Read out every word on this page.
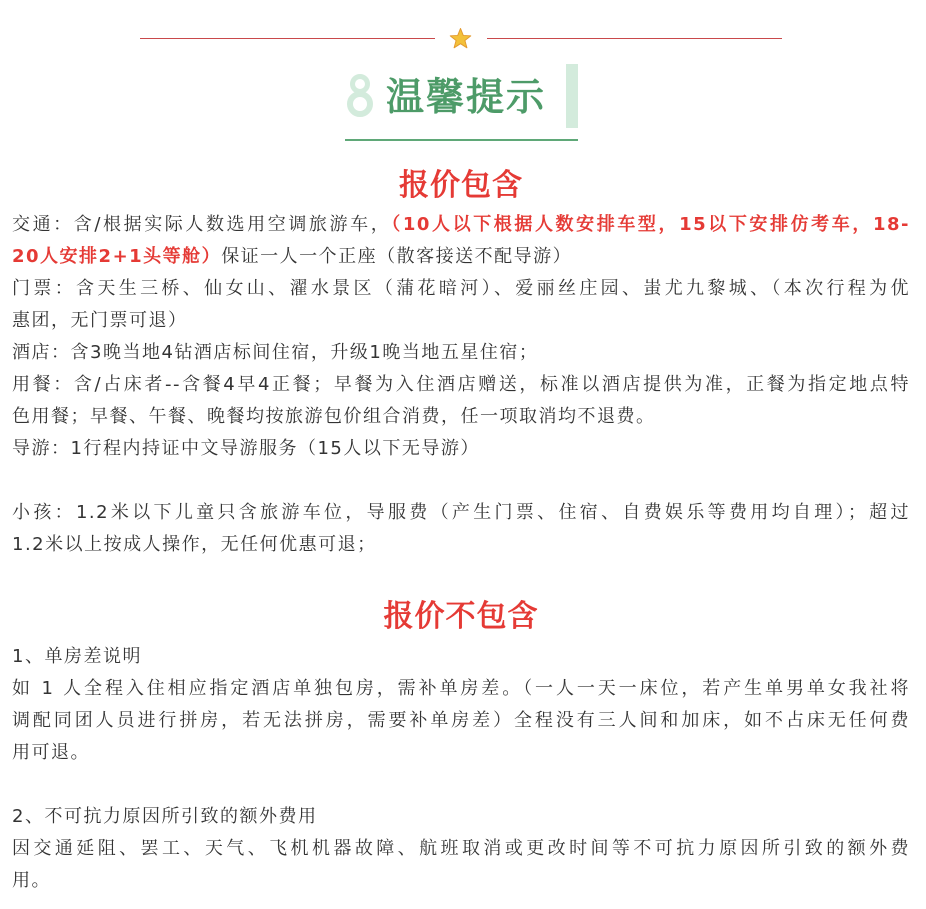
温馨提示
报价包含
交通：含/根据实际人数选用空调旅游车，（10人以下根据人数安排车型，15以下安排仿考车，18-
20人安排2+1头等舱）保证一人一个正座（散客接送不配导游）
门票：含天生三桥、仙女山、濯水景区（蒲花暗河）、爱丽丝庄园、蚩尤九黎城、（本次行程为优
惠团，无门票可退）
酒店：含3晚当地4钻酒店标间住宿，升级1晚当地五星住宿；
用餐：含/占床者--含餐4早4正餐；早餐为入住酒店赠送，标准以酒店提供为准，正餐为指定地点特
色用餐；早餐、午餐、晚餐均按旅游包价组合消费，任一项取消均不退费。
导游：1行程内持证中文导游服务（15人以下无导游）
小孩：1.2米以下儿童只含旅游车位，导服费（产生门票、住宿、自费娱乐等费用均自理）；超过
1.2米以上按成人操作，无任何优惠可退；
报价不包含
1、单房差说明
如 1 人全程入住相应指定酒店单独包房，需补单房差。（一人一天一床位，若产生单男单女我社将
调配同团人员进行拼房，若无法拼房，需要补单房差）全程没有三人间和加床，如不占床无任何费
用可退。
2、不可抗力原因所引致的额外费用
因交通延阻、罢工、天气、飞机机器故障、航班取消或更改时间等不可抗力原因所引致的额外费
用。
